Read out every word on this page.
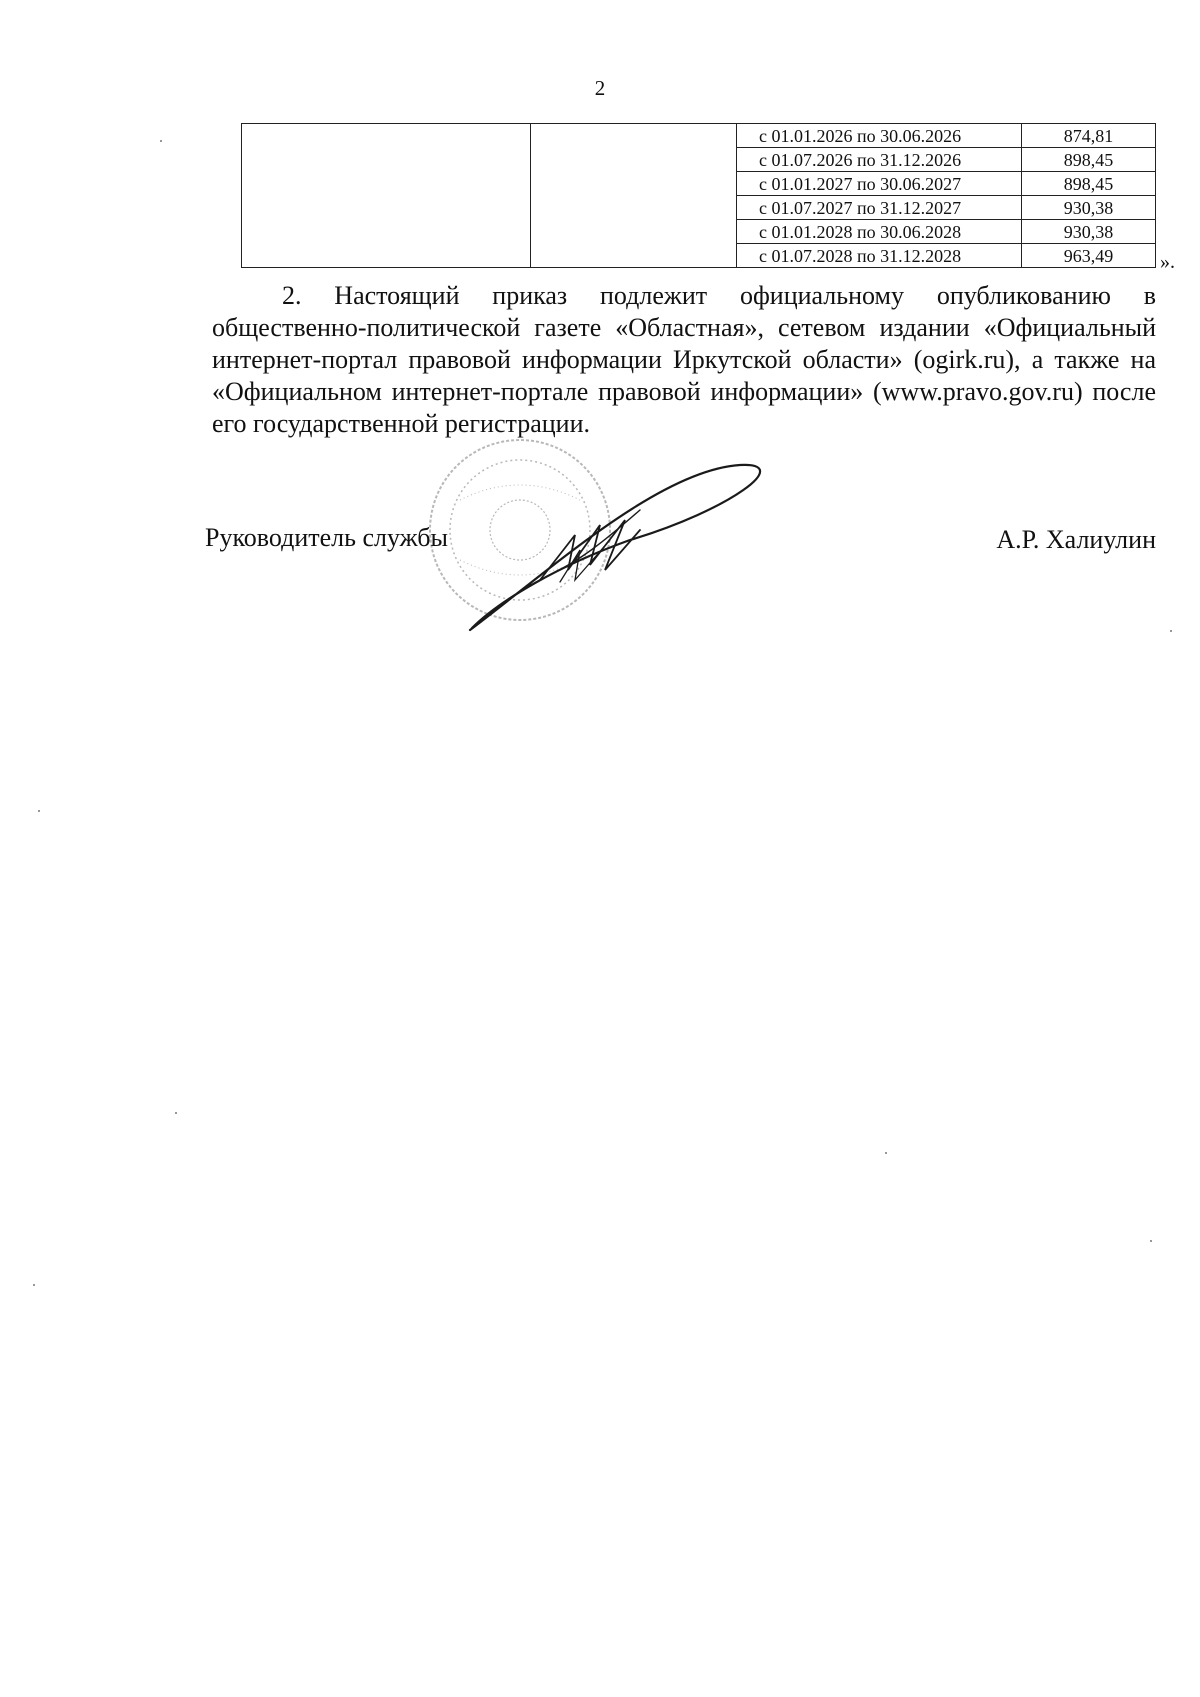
2
		с 01.01.2026 по 30.06.2026	874,81
		с 01.07.2026 по 31.12.2026	898,45
		с 01.01.2027 по 30.06.2027	898,45
		с 01.07.2027 по 31.12.2027	930,38
		с 01.01.2028 по 30.06.2028	930,38
		с 01.07.2028 по 31.12.2028	963,49 ».

2. Настоящий приказ подлежит официальному опубликованию в общественно-политической газете «Областная», сетевом издании «Официальный интернет-портал правовой информации Иркутской области» (ogirk.ru), а также на «Официальном интернет-портале правовой информации» (www.pravo.gov.ru) после его государственной регистрации.

Руководитель службы	А.Р. Халиулин
